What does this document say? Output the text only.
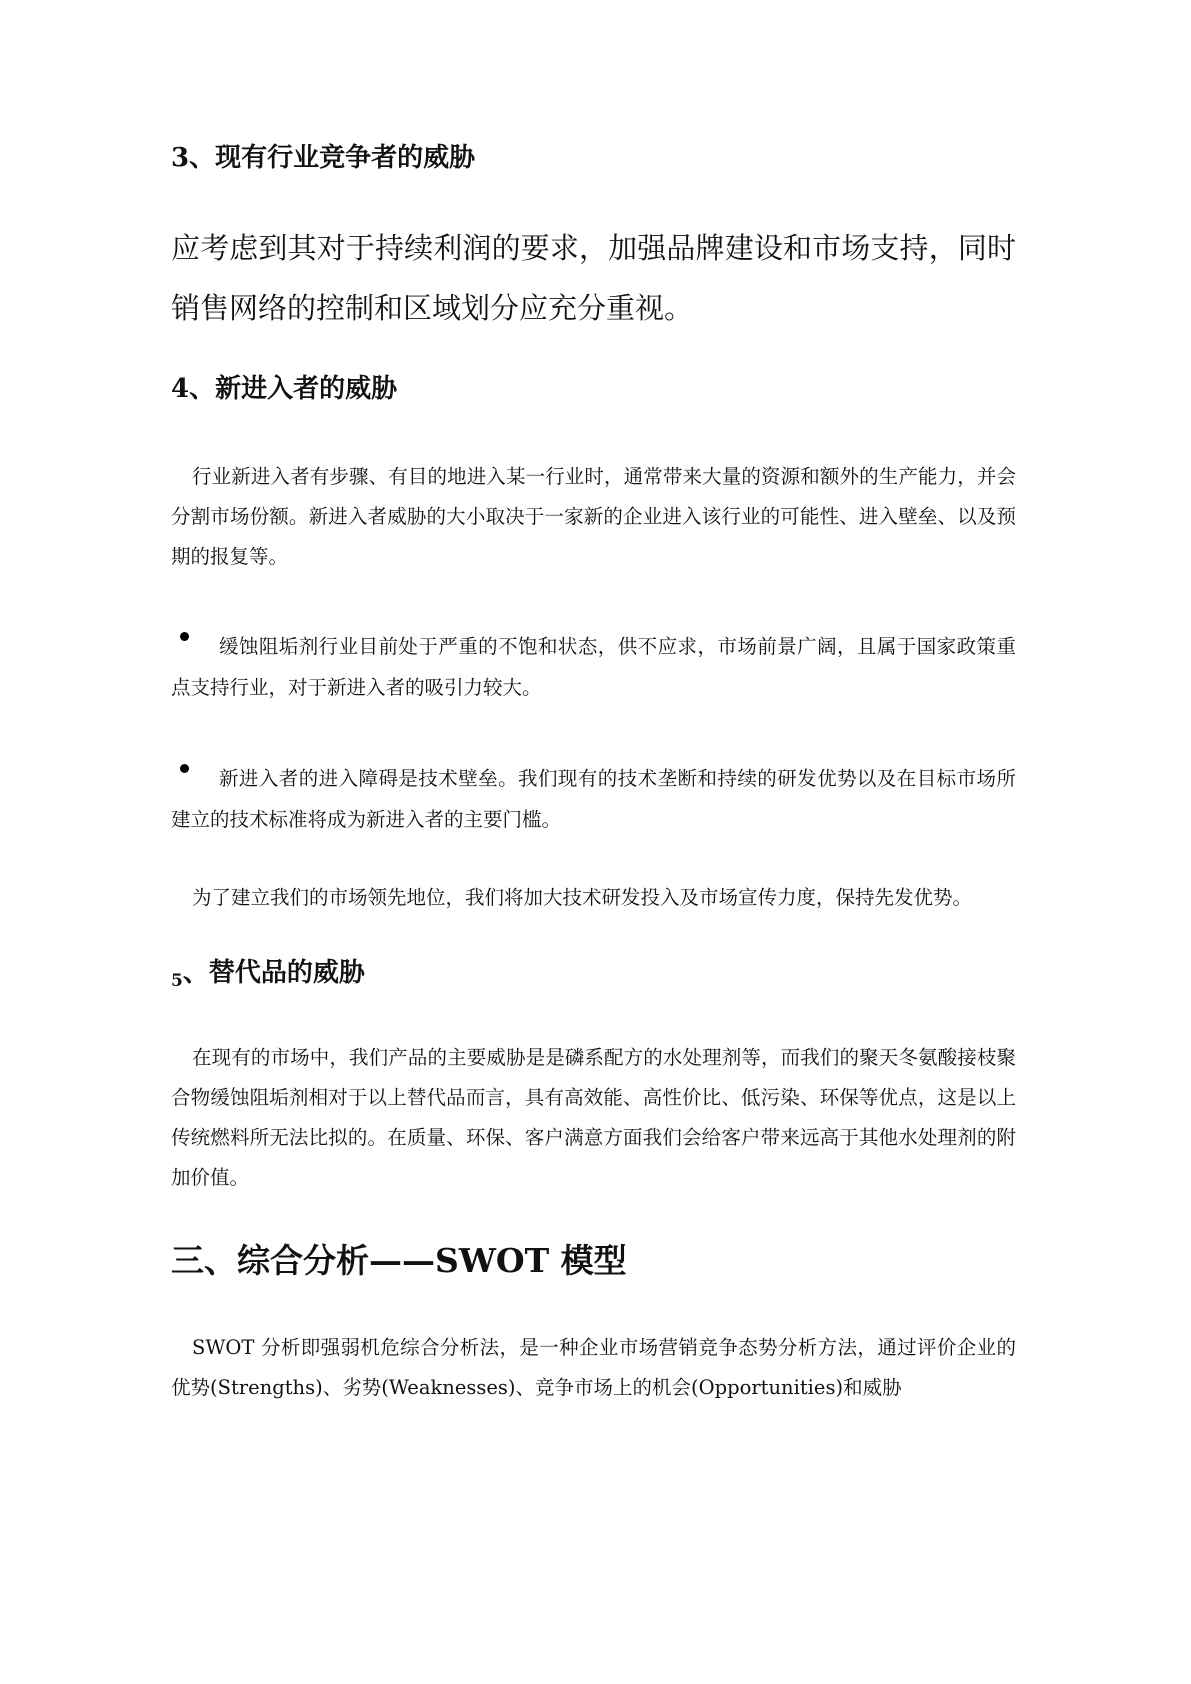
3、现有行业竞争者的威胁

应考虑到其对于持续利润的要求，加强品牌建设和市场支持，同时销售网络的控制和区域划分应充分重视。

4、新进入者的威胁

行业新进入者有步骤、有目的地进入某一行业时，通常带来大量的资源和额外的生产能力，并会分割市场份额。新进入者威胁的大小取决于一家新的企业进入该行业的可能性、进入壁垒、以及预期的报复等。

缓蚀阻垢剂行业目前处于严重的不饱和状态，供不应求，市场前景广阔，且属于国家政策重点支持行业，对于新进入者的吸引力较大。

新进入者的进入障碍是技术壁垒。我们现有的技术垄断和持续的研发优势以及在目标市场所建立的技术标准将成为新进入者的主要门槛。

为了建立我们的市场领先地位，我们将加大技术研发投入及市场宣传力度，保持先发优势。

5、替代品的威胁

在现有的市场中，我们产品的主要威胁是是磷系配方的水处理剂等，而我们的聚天冬氨酸接枝聚合物缓蚀阻垢剂相对于以上替代品而言，具有高效能、高性价比、低污染、环保等优点，这是以上传统燃料所无法比拟的。在质量、环保、客户满意方面我们会给客户带来远高于其他水处理剂的附加价值。

三、综合分析——SWOT 模型

SWOT 分析即强弱机危综合分析法，是一种企业市场营销竞争态势分析方法，通过评价企业的优势(Strengths)、劣势(Weaknesses)、竞争市场上的机会(Opportunities)和威胁
